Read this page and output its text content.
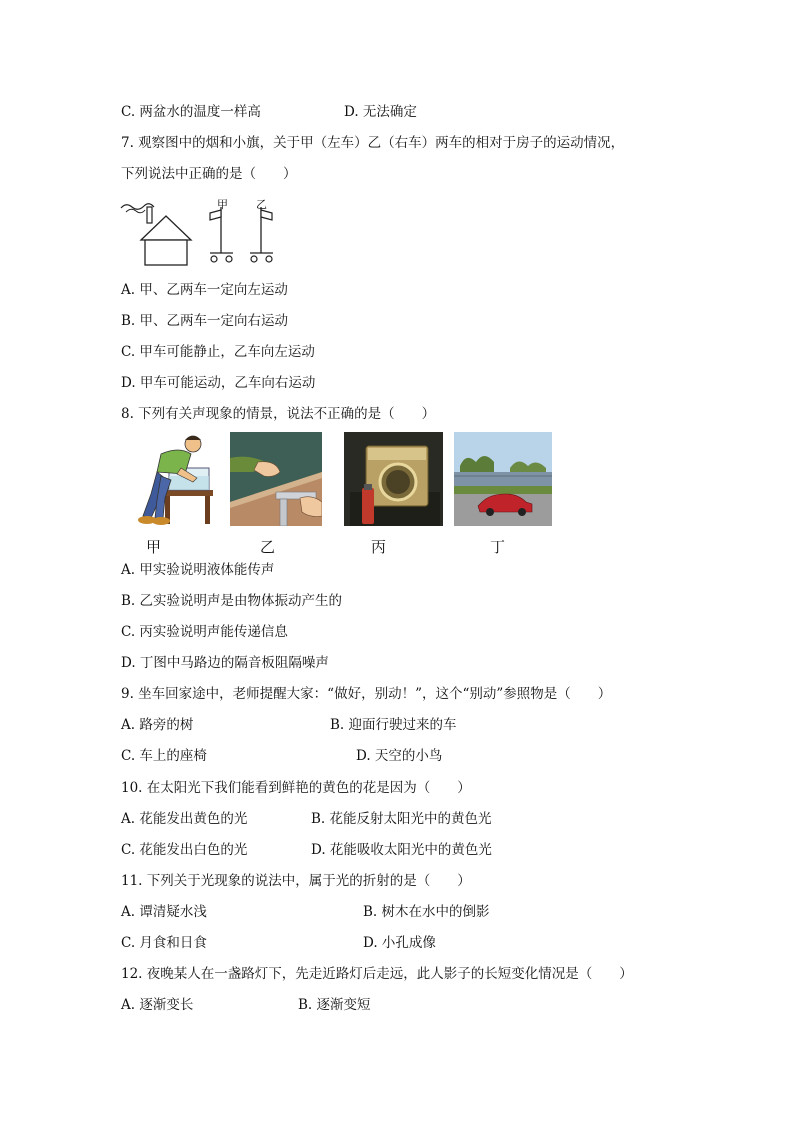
C. 两盆水的温度一样高	D. 无法确定
7. 观察图中的烟和小旗，关于甲（左车）乙（右车）两车的相对于房子的运动情况，
下列说法中正确的是（　　）
甲	乙
A. 甲、乙两车一定向左运动
B. 甲、乙两车一定向右运动
C. 甲车可能静止，乙车向左运动
D. 甲车可能运动，乙车向右运动
8. 下列有关声现象的情景，说法不正确的是（　　）
甲	乙	丙	丁
A. 甲实验说明液体能传声
B. 乙实验说明声是由物体振动产生的
C. 丙实验说明声能传递信息
D. 丁图中马路边的隔音板阻隔噪声
9. 坐车回家途中，老师提醒大家：“做好，别动！”，这个“别动”参照物是（　　）
A. 路旁的树	B. 迎面行驶过来的车
C. 车上的座椅	D. 天空的小鸟
10. 在太阳光下我们能看到鲜艳的黄色的花是因为（　　）
A. 花能发出黄色的光	B. 花能反射太阳光中的黄色光
C. 花能发出白色的光	D. 花能吸收太阳光中的黄色光
11. 下列关于光现象的说法中，属于光的折射的是（　　）
A. 谭清疑水浅	B. 树木在水中的倒影
C. 月食和日食	D. 小孔成像
12. 夜晚某人在一盏路灯下，先走近路灯后走远，此人影子的长短变化情况是（　　）
A. 逐渐变长	B. 逐渐变短
